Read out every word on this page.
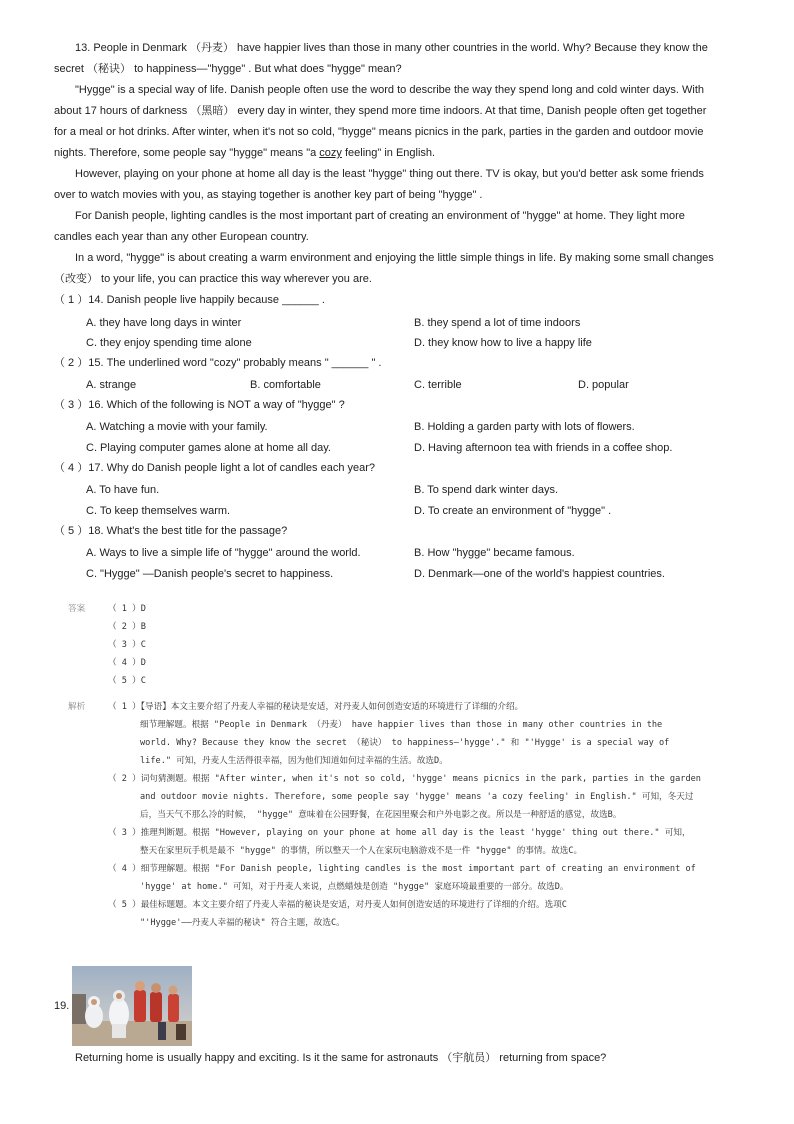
13. People in Denmark （丹麦） have happier lives than those in many other countries in the world. Why? Because they know the
secret （秘诀） to happiness—"hygge" . But what does "hygge" mean?
"Hygge" is a special way of life. Danish people often use the word to describe the way they spend long and cold winter days. With
about 17 hours of darkness （黑暗） every day in winter, they spend more time indoors. At that time, Danish people often get together
for a meal or hot drinks. After winter, when it's not so cold, "hygge" means picnics in the park, parties in the garden and outdoor movie
nights. Therefore, some people say "hygge" means "a cozy feeling" in English.
However, playing on your phone at home all day is the least "hygge" thing out there. TV is okay, but you'd better ask some friends
over to watch movies with you, as staying together is another key part of being "hygge" .
For Danish people, lighting candles is the most important part of creating an environment of "hygge" at home. They light more
candles each year than any other European country.
In a word, "hygge" is about creating a warm environment and enjoying the little simple things in life. By making some small changes
（改变） to your life, you can practice this way wherever you are.
（ 1 ）14. Danish people live happily because ______ .
A. they have long days in winter	B. they spend a lot of time indoors
C. they enjoy spending time alone	D. they know how to live a happy life
（ 2 ）15. The underlined word "cozy" probably means " ______ " .
A. strange	B. comfortable	C. terrible	D. popular
（ 3 ）16. Which of the following is NOT a way of "hygge" ?
A. Watching a movie with your family.	B. Holding a garden party with lots of flowers.
C. Playing computer games alone at home all day.	D. Having afternoon tea with friends in a coffee shop.
（ 4 ）17. Why do Danish people light a lot of candles each year?
A. To have fun.	B. To spend dark winter days.
C. To keep themselves warm.	D. To create an environment of "hygge" .
（ 5 ）18. What's the best title for the passage?
A. Ways to live a simple life of "hygge" around the world.	B. How "hygge" became famous.
C. "Hygge" —Danish people's secret to happiness.	D. Denmark—one of the world's happiest countries.
答案	（ 1 ）D
（ 2 ）B
（ 3 ）C
（ 4 ）D
（ 5 ）C
解析	（ 1 ）【导语】本文主要介绍了丹麦人幸福的秘诀是安适，对丹麦人如何创造安适的环境进行了详细的介绍。
细节理解题。根据 "People in Denmark （丹麦） have happier lives than those in many other countries in the
world. Why? Because they know the secret （秘诀） to happiness—'hygge'." 和 "'Hygge' is a special way of
life." 可知，丹麦人生活得很幸福，因为他们知道如何过幸福的生活。故选D。
（ 2 ）词句猜测题。根据 "After winter, when it's not so cold, 'hygge' means picnics in the park, parties in the garden
and outdoor movie nights. Therefore, some people say 'hygge' means 'a cozy feeling' in English." 可知，冬天过
后，当天气不那么冷的时候， "hygge" 意味着在公园野餐，在花园里聚会和户外电影之夜。所以是一种舒适的感觉，故选B。
（ 3 ）推理判断题。根据 "However, playing on your phone at home all day is the least 'hygge' thing out there." 可知，
整天在家里玩手机是最不 "hygge" 的事情，所以整天一个人在家玩电脑游戏不是一件 "hygge" 的事情。故选C。
（ 4 ）细节理解题。根据 "For Danish people, lighting candles is the most important part of creating an environment of
'hygge' at home." 可知，对于丹麦人来说，点燃蜡烛是创造 "hygge" 家庭环境最重要的一部分。故选D。
（ 5 ）最佳标题题。本文主要介绍了丹麦人幸福的秘诀是安适，对丹麦人如何创造安适的环境进行了详细的介绍。选项C
"'Hygge'——丹麦人幸福的秘诀" 符合主题，故选C。
19.
Returning home is usually happy and exciting. Is it the same for astronauts （宇航员） returning from space?
